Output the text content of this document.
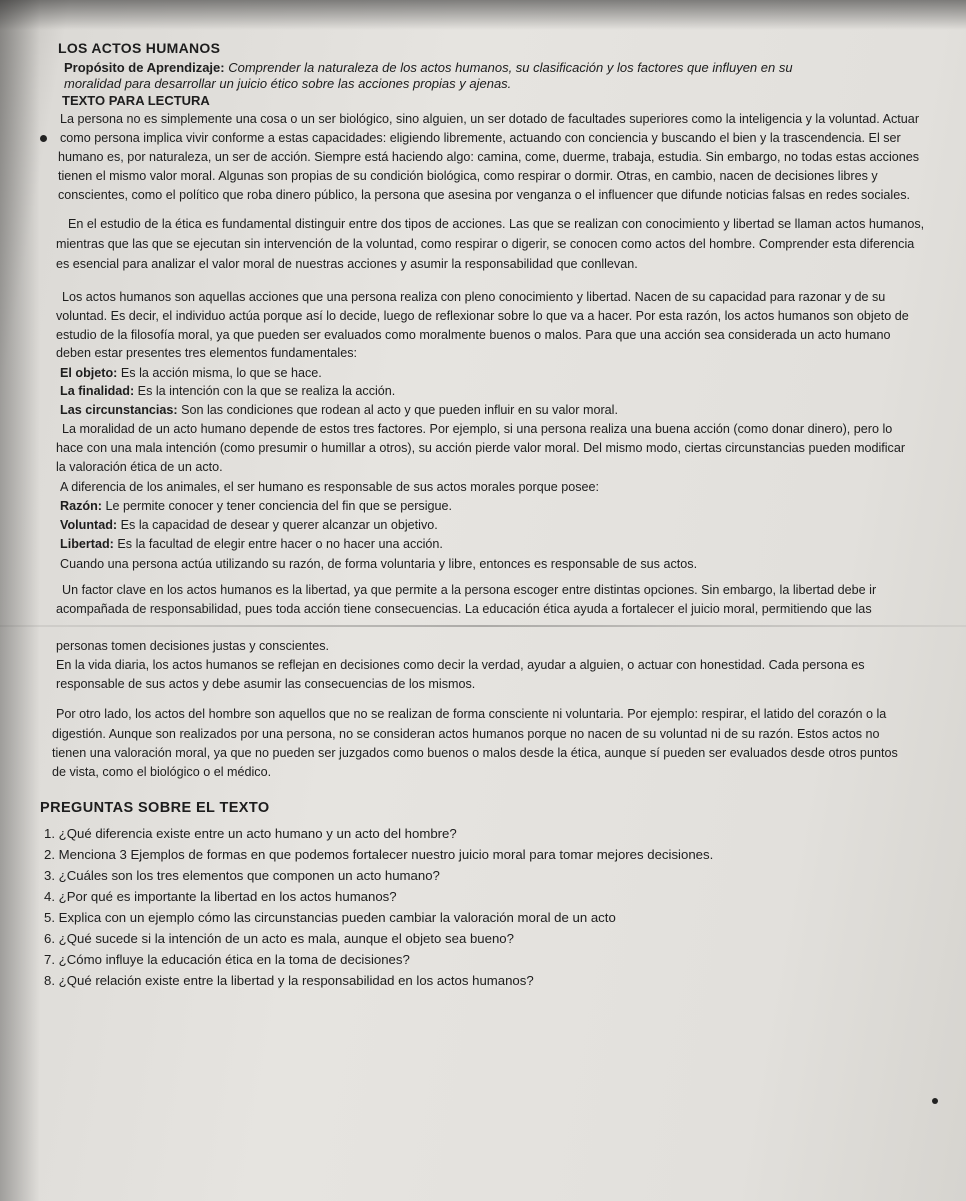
LOS ACTOS HUMANOS
Propósito de Aprendizaje: Comprender la naturaleza de los actos humanos, su clasificación y los factores que influyen en su
moralidad para desarrollar un juicio ético sobre las acciones propias y ajenas.
TEXTO PARA LECTURA
La persona no es simplemente una cosa o un ser biológico, sino alguien, un ser dotado de facultades superiores como la inteligencia y la voluntad. Actuar
como persona implica vivir conforme a estas capacidades: eligiendo libremente, actuando con conciencia y buscando el bien y la trascendencia. El ser
humano es, por naturaleza, un ser de acción. Siempre está haciendo algo: camina, come, duerme, trabaja, estudia. Sin embargo, no todas estas acciones
tienen el mismo valor moral. Algunas son propias de su condición biológica, como respirar o dormir. Otras, en cambio, nacen de decisiones libres y
conscientes, como el político que roba dinero público, la persona que asesina por venganza o el influencer que difunde noticias falsas en redes sociales.
En el estudio de la ética es fundamental distinguir entre dos tipos de acciones. Las que se realizan con conocimiento y libertad se llaman actos humanos,
mientras que las que se ejecutan sin intervención de la voluntad, como respirar o digerir, se conocen como actos del hombre. Comprender esta diferencia
es esencial para analizar el valor moral de nuestras acciones y asumir la responsabilidad que conllevan.
Los actos humanos son aquellas acciones que una persona realiza con pleno conocimiento y libertad. Nacen de su capacidad para razonar y de su
voluntad. Es decir, el individuo actúa porque así lo decide, luego de reflexionar sobre lo que va a hacer. Por esta razón, los actos humanos son objeto de
estudio de la filosofía moral, ya que pueden ser evaluados como moralmente buenos o malos. Para que una acción sea considerada un acto humano
deben estar presentes tres elementos fundamentales:
El objeto: Es la acción misma, lo que se hace.
La finalidad: Es la intención con la que se realiza la acción.
Las circunstancias: Son las condiciones que rodean al acto y que pueden influir en su valor moral.
La moralidad de un acto humano depende de estos tres factores. Por ejemplo, si una persona realiza una buena acción (como donar dinero), pero lo
hace con una mala intención (como presumir o humillar a otros), su acción pierde valor moral. Del mismo modo, ciertas circunstancias pueden modificar
la valoración ética de un acto.
A diferencia de los animales, el ser humano es responsable de sus actos morales porque posee:
Razón: Le permite conocer y tener conciencia del fin que se persigue.
Voluntad: Es la capacidad de desear y querer alcanzar un objetivo.
Libertad: Es la facultad de elegir entre hacer o no hacer una acción.
Cuando una persona actúa utilizando su razón, de forma voluntaria y libre, entonces es responsable de sus actos.
Un factor clave en los actos humanos es la libertad, ya que permite a la persona escoger entre distintas opciones. Sin embargo, la libertad debe ir
acompañada de responsabilidad, pues toda acción tiene consecuencias. La educación ética ayuda a fortalecer el juicio moral, permitiendo que las
personas tomen decisiones justas y conscientes.
En la vida diaria, los actos humanos se reflejan en decisiones como decir la verdad, ayudar a alguien, o actuar con honestidad. Cada persona es
responsable de sus actos y debe asumir las consecuencias de los mismos.
Por otro lado, los actos del hombre son aquellos que no se realizan de forma consciente ni voluntaria. Por ejemplo: respirar, el latido del corazón o la
digestión. Aunque son realizados por una persona, no se consideran actos humanos porque no nacen de su voluntad ni de su razón. Estos actos no
tienen una valoración moral, ya que no pueden ser juzgados como buenos o malos desde la ética, aunque sí pueden ser evaluados desde otros puntos
de vista, como el biológico o el médico.
PREGUNTAS SOBRE EL TEXTO
1. ¿Qué diferencia existe entre un acto humano y un acto del hombre?
2. Menciona 3 Ejemplos de formas en que podemos fortalecer nuestro juicio moral para tomar mejores decisiones.
3. ¿Cuáles son los tres elementos que componen un acto humano?
4. ¿Por qué es importante la libertad en los actos humanos?
5. Explica con un ejemplo cómo las circunstancias pueden cambiar la valoración moral de un acto
6. ¿Qué sucede si la intención de un acto es mala, aunque el objeto sea bueno?
7. ¿Cómo influye la educación ética en la toma de decisiones?
8. ¿Qué relación existe entre la libertad y la responsabilidad en los actos humanos?
